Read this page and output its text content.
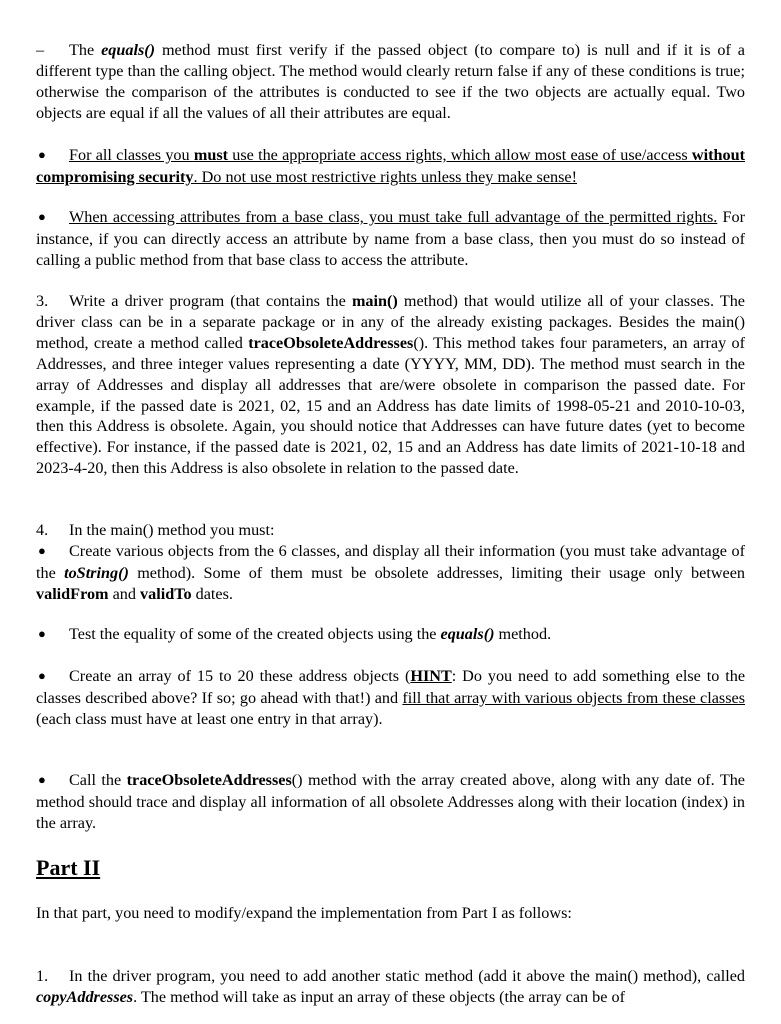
– The equals() method must first verify if the passed object (to compare to) is null and if it is of a different type than the calling object. The method would clearly return false if any of these conditions is true; otherwise the comparison of the attributes is conducted to see if the two objects are actually equal. Two objects are equal if all the values of all their attributes are equal.

● For all classes you must use the appropriate access rights, which allow most ease of use/access without compromising security. Do not use most restrictive rights unless they make sense!

● When accessing attributes from a base class, you must take full advantage of the permitted rights. For instance, if you can directly access an attribute by name from a base class, then you must do so instead of calling a public method from that base class to access the attribute.

3. Write a driver program (that contains the main() method) that would utilize all of your classes. The driver class can be in a separate package or in any of the already existing packages. Besides the main() method, create a method called traceObsoleteAddresses(). This method takes four parameters, an array of Addresses, and three integer values representing a date (YYYY, MM, DD). The method must search in the array of Addresses and display all addresses that are/were obsolete in comparison the passed date. For example, if the passed date is 2021, 02, 15 and an Address has date limits of 1998-05-21 and 2010-10-03, then this Address is obsolete. Again, you should notice that Addresses can have future dates (yet to become effective). For instance, if the passed date is 2021, 02, 15 and an Address has date limits of 2021-10-18 and 2023-4-20, then this Address is also obsolete in relation to the passed date.

4. In the main() method you must:

● Create various objects from the 6 classes, and display all their information (you must take advantage of the toString() method). Some of them must be obsolete addresses, limiting their usage only between validFrom and validTo dates.

● Test the equality of some of the created objects using the equals() method.

● Create an array of 15 to 20 these address objects (HINT: Do you need to add something else to the classes described above? If so; go ahead with that!) and fill that array with various objects from these classes (each class must have at least one entry in that array).

● Call the traceObsoleteAddresses() method with the array created above, along with any date of. The method should trace and display all information of all obsolete Addresses along with their location (index) in the array.

Part II

In that part, you need to modify/expand the implementation from Part I as follows:

1. In the driver program, you need to add another static method (add it above the main() method), called copyAddresses. The method will take as input an array of these objects (the array can be of
